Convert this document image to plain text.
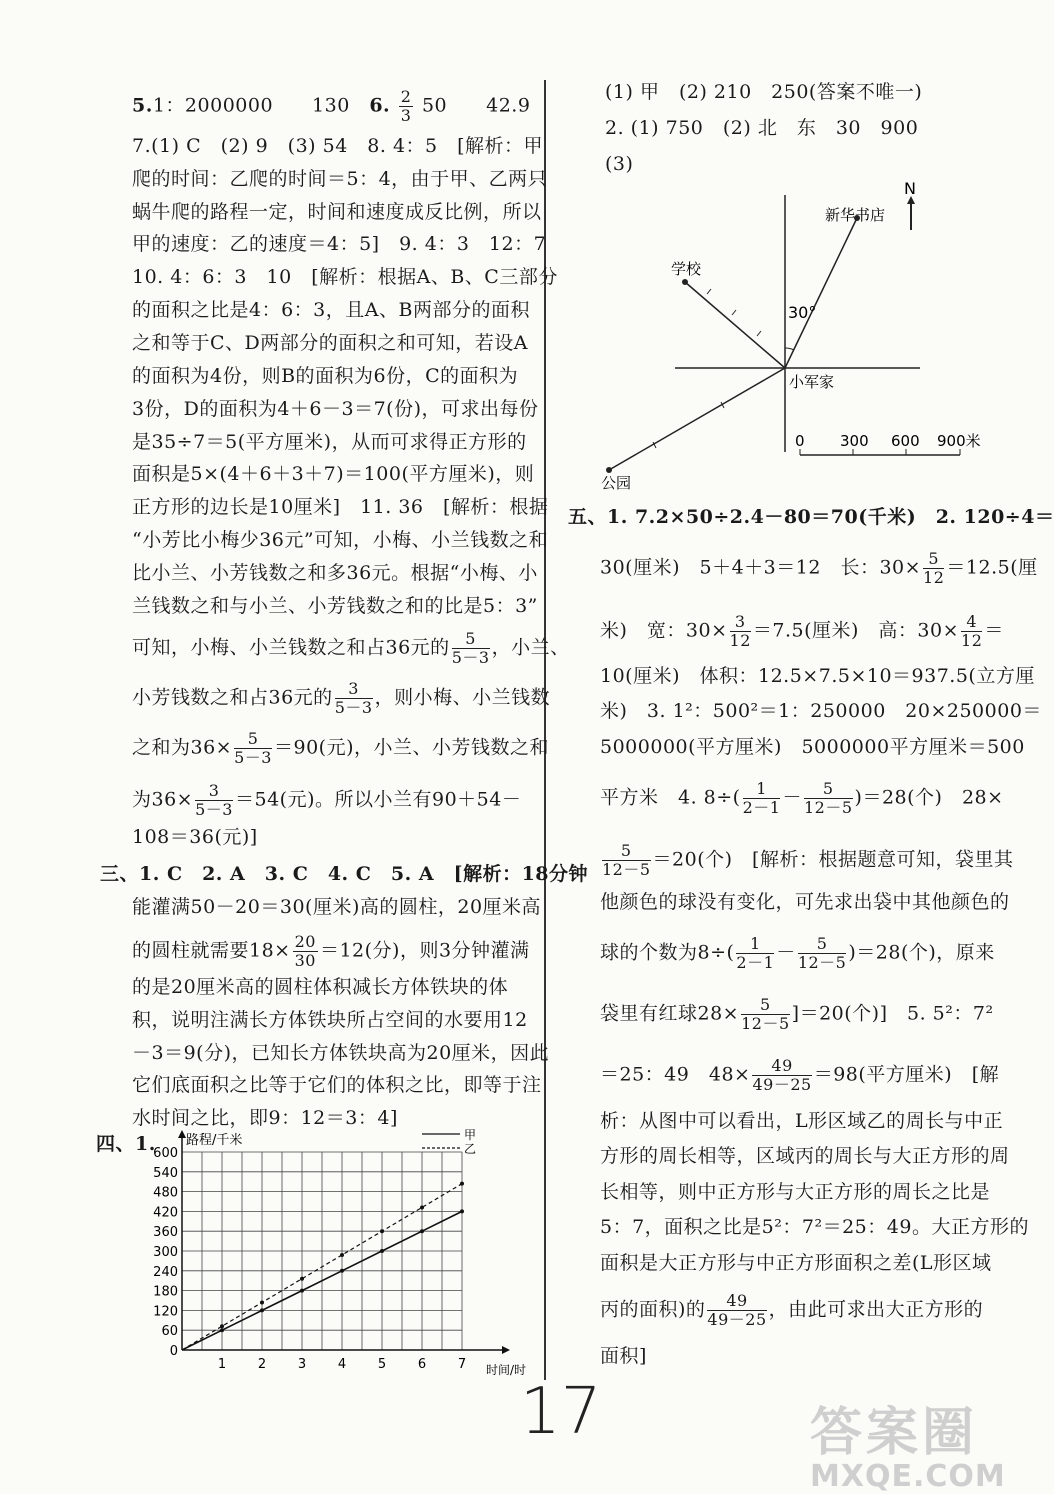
5.1：2000000　　130　6. $\frac{2}{3} 50$　　42.9
7.(1) C　(2) 9　(3) 54　8. 4：5　[解析：甲
爬的时间：乙爬的时间＝5：4，由于甲、乙两只
蜗牛爬的路程一定，时间和速度成反比例，所以
甲的速度：乙的速度＝4：5]　9. 4：3　12：7
10. 4：6：3　10　[解析：根据A、B、C三部分
的面积之比是4：6：3，且A、B两部分的面积
之和等于C、D两部分的面积之和可知，若设A
的面积为4份，则B的面积为6份，C的面积为
3份，D的面积为4＋6－3＝7(份)，可求出每份
是35÷7＝5(平方厘米)，从而可求得正方形的
面积是5×(4＋6＋3＋7)＝100(平方厘米)，则
正方形的边长是10厘米]　11. 36　[解析：根据
“小芳比小梅少36元”可知，小梅、小兰钱数之和
比小兰、小芳钱数之和多36元。根据“小梅、小
兰钱数之和与小兰、小芳钱数之和的比是5：3”
可知，小梅、小兰钱数之和占36元的 $\frac{5}{5-3}$ ，小兰、
小芳钱数之和占36元的 $\frac{3}{5-3}$ ，则小梅、小兰钱数
之和为$36\times \frac{5}{5-3} =90$(元)，小兰、小芳钱数之和
为$36\times \frac{3}{5-3} =54$(元)。所以小兰有90＋54－
108＝36(元)]
三、1. C　2. A　3. C　4. C　5. A　[解析：18分钟
能灌满50－20＝30(厘米)高的圆柱，20厘米高
的圆柱就需要$18\times \frac{20}{30} =12$(分)，则3分钟灌满
的是20厘米高的圆柱体积减长方体铁块的体
积，说明注满长方体铁块所占空间的水要用12
－3＝9(分)，已知长方体铁块高为20厘米，因此
它们底面积之比等于它们的体积之比，即等于注
水时间之比，即9：12＝3：4]
四、1.
0
60
120
180
240
300
360
420
480
540
600
1 2 3 4 5 6 7
路程/千米
时间/时
甲
乙
(1) 甲　(2) 210　250(答案不唯一)
2. (1) 750　(2) 北　东　30　900
(3)
30°
N
新华书店
学校
小军家
公园
0 300 600 900米
五、1. 7.2×50÷2.4－80＝70(千米)　2. 120÷4＝
30(厘米)　5＋4＋3＝12　长：$30\times \frac{5}{12} =12.5$(厘
米)　宽：$30\times \frac{3}{12} =7.5$(厘米)　高：$30\times \frac{4}{12}$ ＝
10(厘米)　体积：12.5×7.5×10＝937.5(立方厘
米)　3. 1²：500²＝1：250000　20×250000＝
5000000(平方厘米)　5000000平方厘米＝500
平方米　4. $8\div( \frac{1}{2-1} - \frac{5}{12-5} )=28$(个)　28×
$\frac{5}{12-5} =20$(个)　[解析：根据题意可知，袋里其
他颜色的球没有变化，可先求出袋中其他颜色的
球的个数为$8\div( \frac{1}{2-1} - \frac{5}{12-5} )=28$(个)，原来
袋里有红球$28\times \frac{5}{12-5} ]=20$(个)]　5. 5²：7²
＝25：49　$48\times \frac{49}{49-25} =98$(平方厘米)　[解
析：从图中可以看出，L形区域乙的周长与中正
方形的周长相等，区域丙的周长与大正方形的周
长相等，则中正方形与大正方形的周长之比是
5：7，面积之比是5²：7²＝25：49。大正方形的
面积是大正方形与中正方形面积之差(L形区域
丙的面积)的 $\frac{49}{49-25}$ ，由此可求出大正方形的
面积]
17	答案圈
MXQE.COM
